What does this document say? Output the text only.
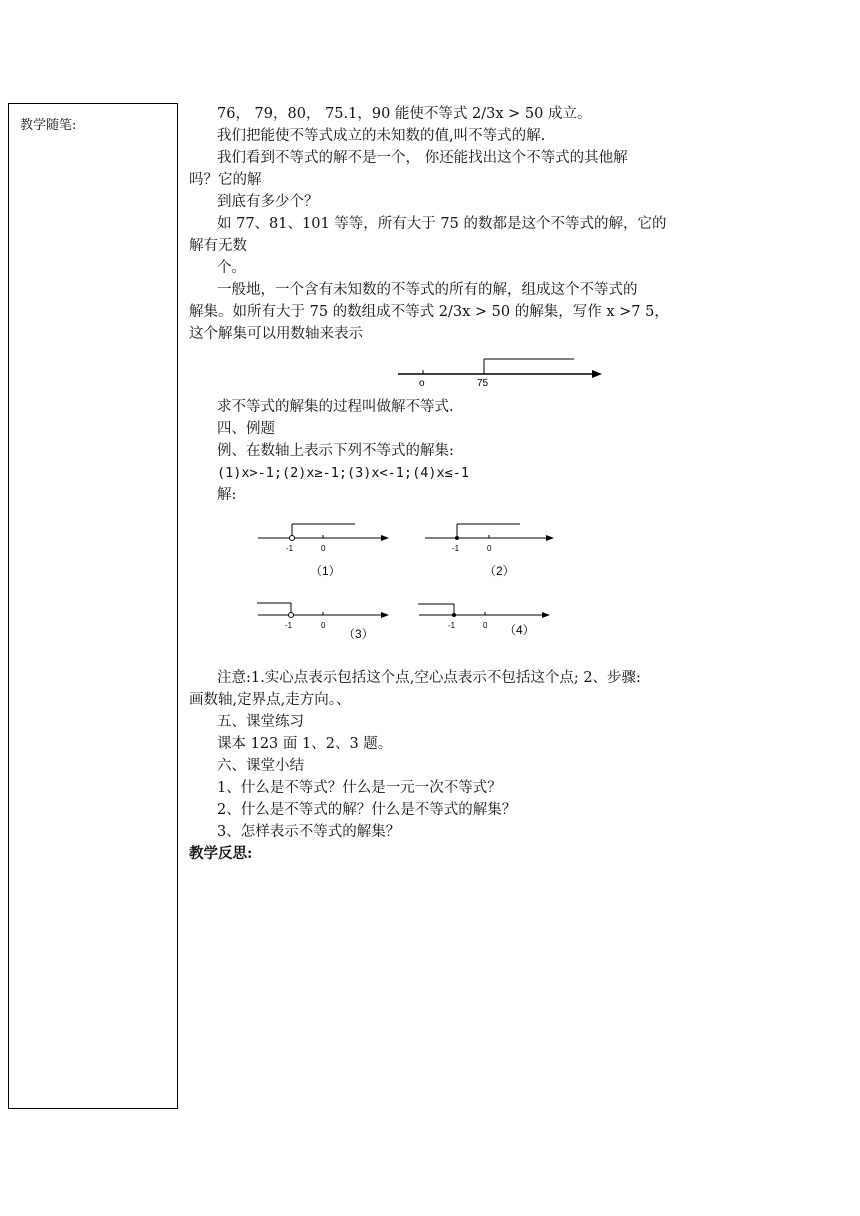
教学随笔:

76， 79，80， 75.1，90 能使不等式 2/3x > 50 成立。

我们把能使不等式成立的未知数的值,叫不等式的解.

我们看到不等式的解不是一个， 你还能找出这个不等式的其他解

吗？它的解

到底有多少个？

如 77、81、101 等等，所有大于 75 的数都是这个不等式的解，它的

解有无数

个。

一般地，一个含有未知数的不等式的所有的解，组成这个不等式的

解集。如所有大于 75 的数组成不等式 2/3x > 50 的解集，写作 x >7 5，

这个解集可以用数轴来表示

o	75

求不等式的解集的过程叫做解不等式.

四、例题

例、在数轴上表示下列不等式的解集:

(1)x>-1;(2)x≥-1;(3)x<-1;(4)x≤-1

解:

-1	0
（1）
-1	0
（2）
-1	0
（3）
-1	0 （4）

注意:1.实心点表示包括这个点,空心点表示不包括这个点; 2、步骤:

画数轴,定界点,走方向。、

五、课堂练习

课本 123 面 1、2、3 题。

六、课堂小结

1、什么是不等式？什么是一元一次不等式？

2、什么是不等式的解？什么是不等式的解集？

3、怎样表示不等式的解集？

教学反思:
